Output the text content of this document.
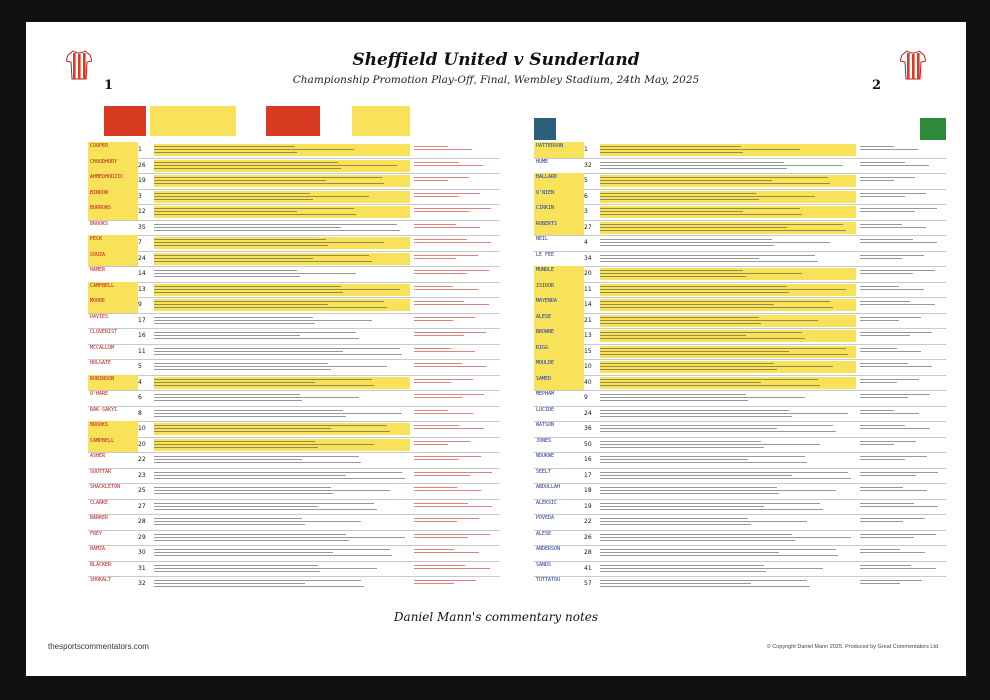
Sheffield United v Sunderland
Championship Promotion Play-Off, Final, Wembley Stadium, 24th May, 2025
1	2
COOPER	1
CHOUDHURY	26
AHMEDHODZIC	19
BINDON	3
BURROWS	12
BROOKS	35
PECK	7
SOUZA	24
HAMER	14
CAMPBELL	13
MOORE	9
DAVIES	17
CLOVERIST	16
MCCALLUM	11
HOLGATE	5
ROBINSON	4
O'HARE	6
RAK-SAKYI	8
BROOKS	10
CAMPBELL	20
ASHER	22
SOUTTAR	23
SHACKLETON	25
CLARKE	27
BARKER	28
FREY	29
HAMZA	30
BLACKER	31
SHOKALT	32
PATTERSON	1
HUME	32
BALLARD	5
O'NIEN	6
CIRKIN	3
ROBERTS	27
NEIL	4
LE FEE	34
MUNDLE	20
ISIDOR	11
MAYENDA	14
ALESE	21
BROWNE	13
RIGG	15
MOULDE	10
SAMED	40
MEPHAM	9
LUCIDE	24
WATSON	36
JONES	50
NDUKWE	16
SEELT	17
ABDULLAH	18
ALEKSIC	19
POVEDA	22
ALESE	26
ANDERSON	28
SANDS	41
TUTTATOU	57
Daniel Mann's commentary notes
thesportscommentators.com	© Copyright Daniel Mann 2025. Produced by Great Commentators Ltd
